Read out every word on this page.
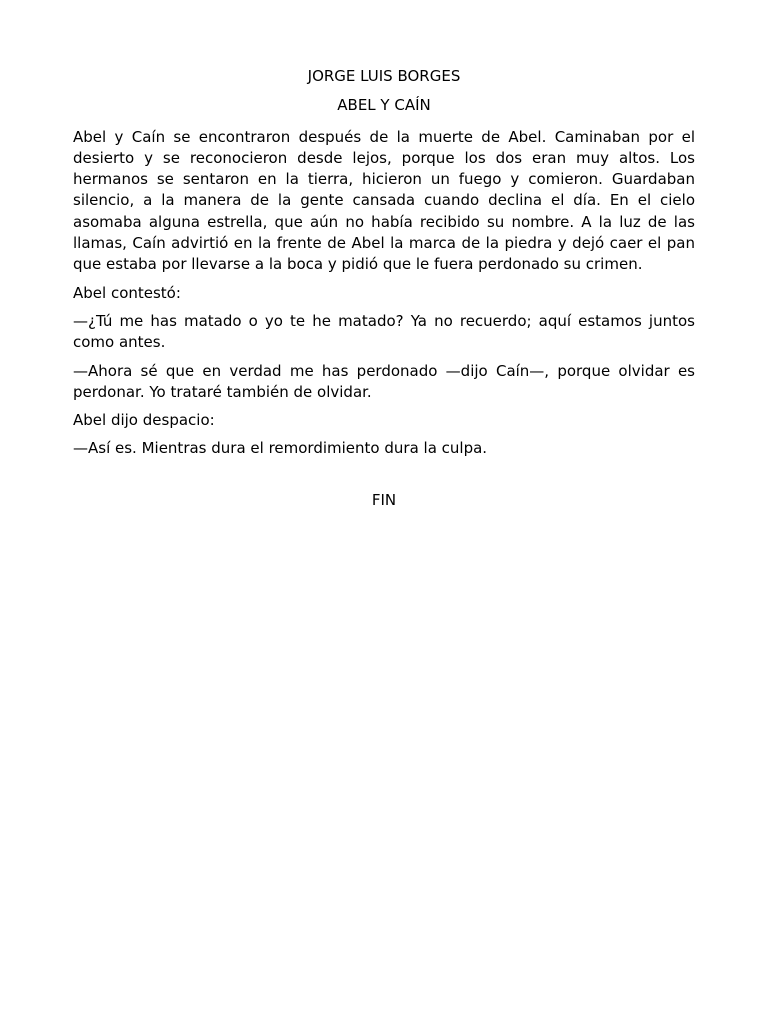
JORGE LUIS BORGES
ABEL Y CAÍN

Abel y Caín se encontraron después de la muerte de Abel. Caminaban por el desierto y se reconocieron desde lejos, porque los dos eran muy altos. Los hermanos se sentaron en la tierra, hicieron un fuego y comieron. Guardaban silencio, a la manera de la gente cansada cuando declina el día. En el cielo asomaba alguna estrella, que aún no había recibido su nombre. A la luz de las llamas, Caín advirtió en la frente de Abel la marca de la piedra y dejó caer el pan que estaba por llevarse a la boca y pidió que le fuera perdonado su crimen.

Abel contestó:

—¿Tú me has matado o yo te he matado? Ya no recuerdo; aquí estamos juntos como antes.

—Ahora sé que en verdad me has perdonado —dijo Caín—, porque olvidar es perdonar. Yo trataré también de olvidar.

Abel dijo despacio:

—Así es. Mientras dura el remordimiento dura la culpa.

FIN
